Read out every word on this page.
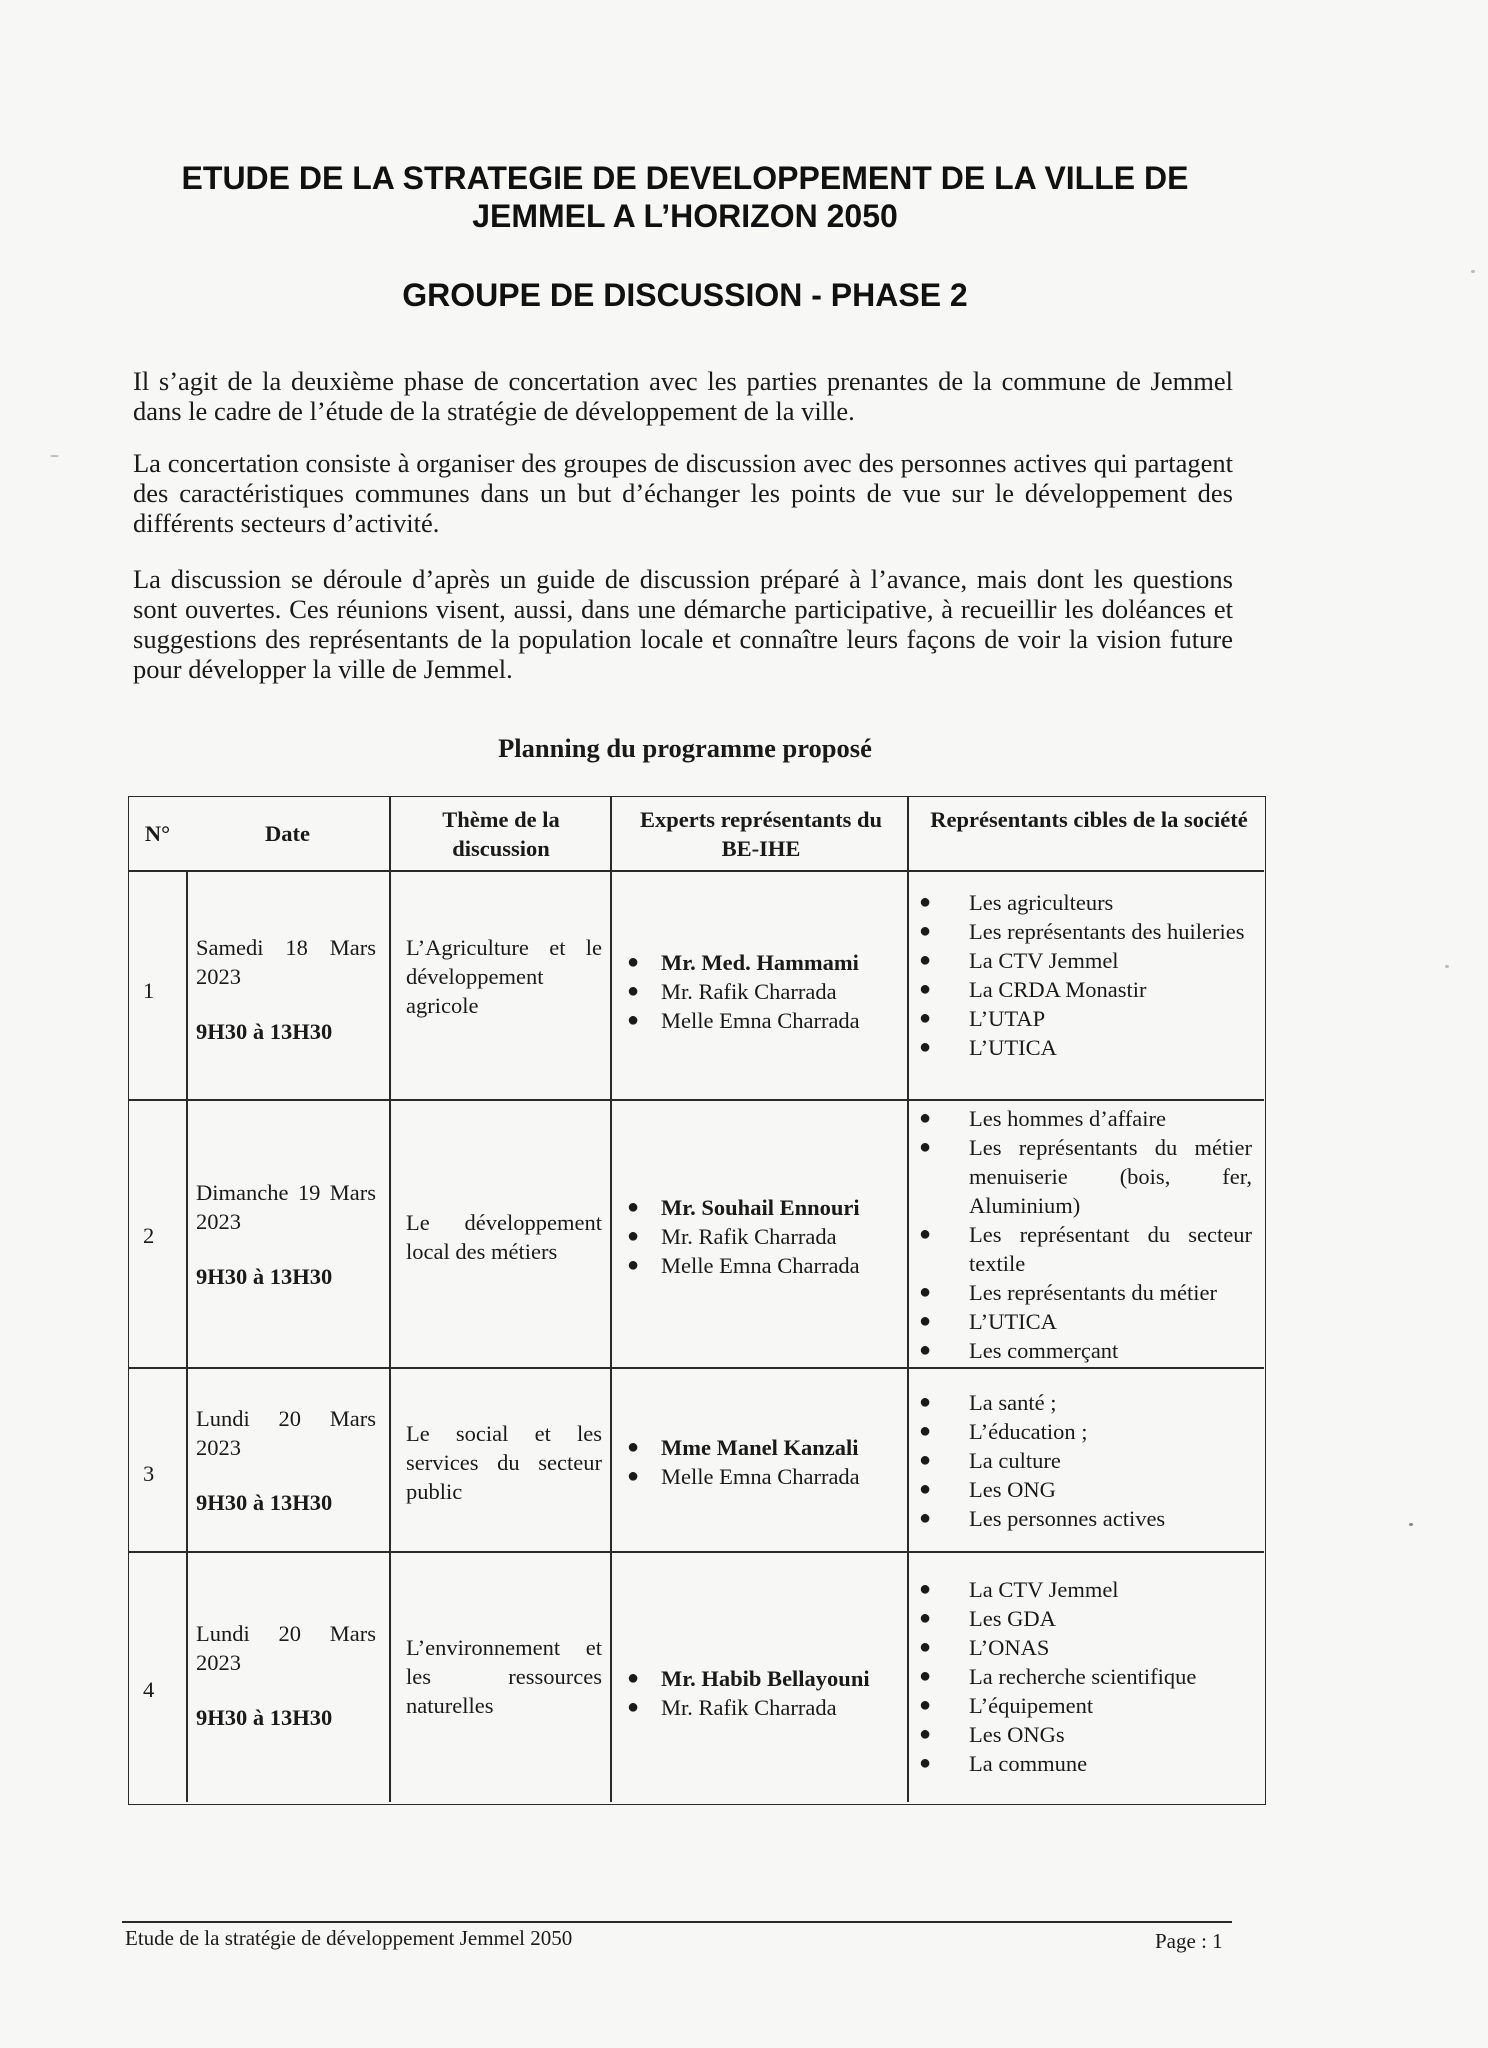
ETUDE DE LA STRATEGIE DE DEVELOPPEMENT DE LA VILLE DE
JEMMEL A L’HORIZON 2050
GROUPE DE DISCUSSION - PHASE 2
Il s’agit de la deuxième phase de concertation avec les parties prenantes de la commune de Jemmel dans le cadre de l’étude de la stratégie de développement de la ville.
La concertation consiste à organiser des groupes de discussion avec des personnes actives qui partagent des caractéristiques communes dans un but d’échanger les points de vue sur le développement des différents secteurs d’activité.
La discussion se déroule d’après un guide de discussion préparé à l’avance, mais dont les questions sont ouvertes. Ces réunions visent, aussi, dans une démarche participative, à recueillir les doléances et suggestions des représentants de la population locale et connaître leurs façons de voir la vision future pour développer la ville de Jemmel.
Planning du programme proposé
N°	Date
Thème de la discussion
Experts représentants du BE-IHE
Représentants cibles de la société
1
Samedi 18 Mars 2023
9H30 à 13H30
L’Agriculture et le développement agricole
● Mr. Med. Hammami
● Mr. Rafik Charrada
● Melle Emna Charrada
● Les agriculteurs
● Les représentants des huileries
● La CTV Jemmel
● La CRDA Monastir
● L’UTAP
● L’UTICA
2
Dimanche 19 Mars 2023
9H30 à 13H30
Le développement local des métiers
● Mr. Souhail Ennouri
● Mr. Rafik Charrada
● Melle Emna Charrada
● Les hommes d’affaire
● Les représentants du métier menuiserie (bois, fer, Aluminium)
● Les représentant du secteur textile
● Les représentants du métier
● L’UTICA
● Les commerçant
3
Lundi 20 Mars 2023
9H30 à 13H30
Le social et les services du secteur public
● Mme Manel Kanzali
● Melle Emna Charrada
● La santé ;
● L’éducation ;
● La culture
● Les ONG
● Les personnes actives
4
Lundi 20 Mars 2023
9H30 à 13H30
L’environnement et les ressources naturelles
● Mr. Habib Bellayouni
● Mr. Rafik Charrada
● La CTV Jemmel
● Les GDA
● L’ONAS
● La recherche scientifique
● L’équipement
● Les ONGs
● La commune
Etude de la stratégie de développement Jemmel 2050	Page : 1
